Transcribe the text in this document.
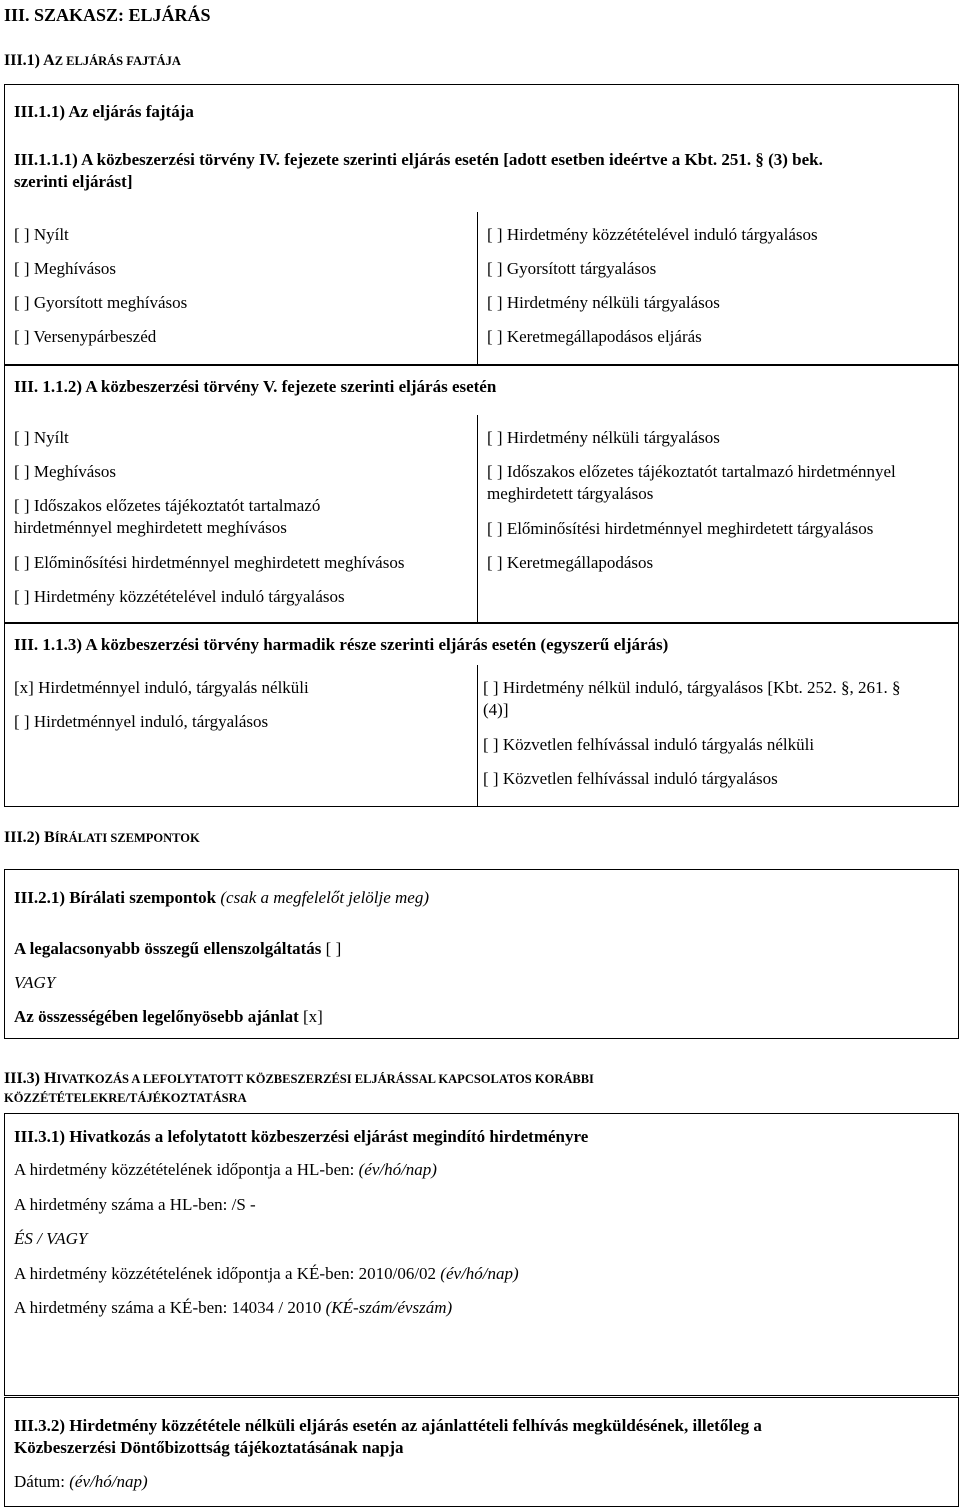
III. SZAKASZ: ELJÁRÁS
III.1) AZ ELJÁRÁS FAJTÁJA
III.1.1) Az eljárás fajtája
III.1.1.1) A közbeszerzési törvény IV. fejezete szerinti eljárás esetén [adott esetben ideértve a Kbt. 251. § (3) bek.
szerinti eljárást]
[ ] Nyílt
[ ] Meghívásos
[ ] Gyorsított meghívásos
[ ] Versenypárbeszéd
[ ] Hirdetmény közzétételével induló tárgyalásos
[ ] Gyorsított tárgyalásos
[ ] Hirdetmény nélküli tárgyalásos
[ ] Keretmegállapodásos eljárás
III. 1.1.2) A közbeszerzési törvény V. fejezete szerinti eljárás esetén
[ ] Nyílt
[ ] Meghívásos
[ ] Időszakos előzetes tájékoztatót tartalmazó
hirdetménnyel meghirdetett meghívásos
[ ] Előminősítési hirdetménnyel meghirdetett meghívásos
[ ] Hirdetmény közzétételével induló tárgyalásos
[ ] Hirdetmény nélküli tárgyalásos
[ ] Időszakos előzetes tájékoztatót tartalmazó hirdetménnyel
meghirdetett tárgyalásos
[ ] Előminősítési hirdetménnyel meghirdetett tárgyalásos
[ ] Keretmegállapodásos
III. 1.1.3) A közbeszerzési törvény harmadik része szerinti eljárás esetén (egyszerű eljárás)
[x] Hirdetménnyel induló, tárgyalás nélküli
[ ] Hirdetménnyel induló, tárgyalásos
[ ] Hirdetmény nélkül induló, tárgyalásos [Kbt. 252. §, 261. §
(4)]
[ ] Közvetlen felhívással induló tárgyalás nélküli
[ ] Közvetlen felhívással induló tárgyalásos
III.2) BÍRÁLATI SZEMPONTOK
III.2.1) Bírálati szempontok (csak a megfelelőt jelölje meg)
A legalacsonyabb összegű ellenszolgáltatás [ ]
VAGY
Az összességében legelőnyösebb ajánlat [x]
III.3) HIVATKOZÁS A LEFOLYTATOTT KÖZBESZERZÉSI ELJÁRÁSSAL KAPCSOLATOS KORÁBBI
KÖZZÉTÉTELEKRE/TÁJÉKOZTATÁSRA
III.3.1) Hivatkozás a lefolytatott közbeszerzési eljárást megindító hirdetményre
A hirdetmény közzétételének időpontja a HL-ben: (év/hó/nap)
A hirdetmény száma a HL-ben: /S -
ÉS / VAGY
A hirdetmény közzétételének időpontja a KÉ-ben: 2010/06/02 (év/hó/nap)
A hirdetmény száma a KÉ-ben: 14034 / 2010 (KÉ-szám/évszám)
III.3.2) Hirdetmény közzététele nélküli eljárás esetén az ajánlattételi felhívás megküldésének, illetőleg a
Közbeszerzési Döntőbizottság tájékoztatásának napja
Dátum: (év/hó/nap)
